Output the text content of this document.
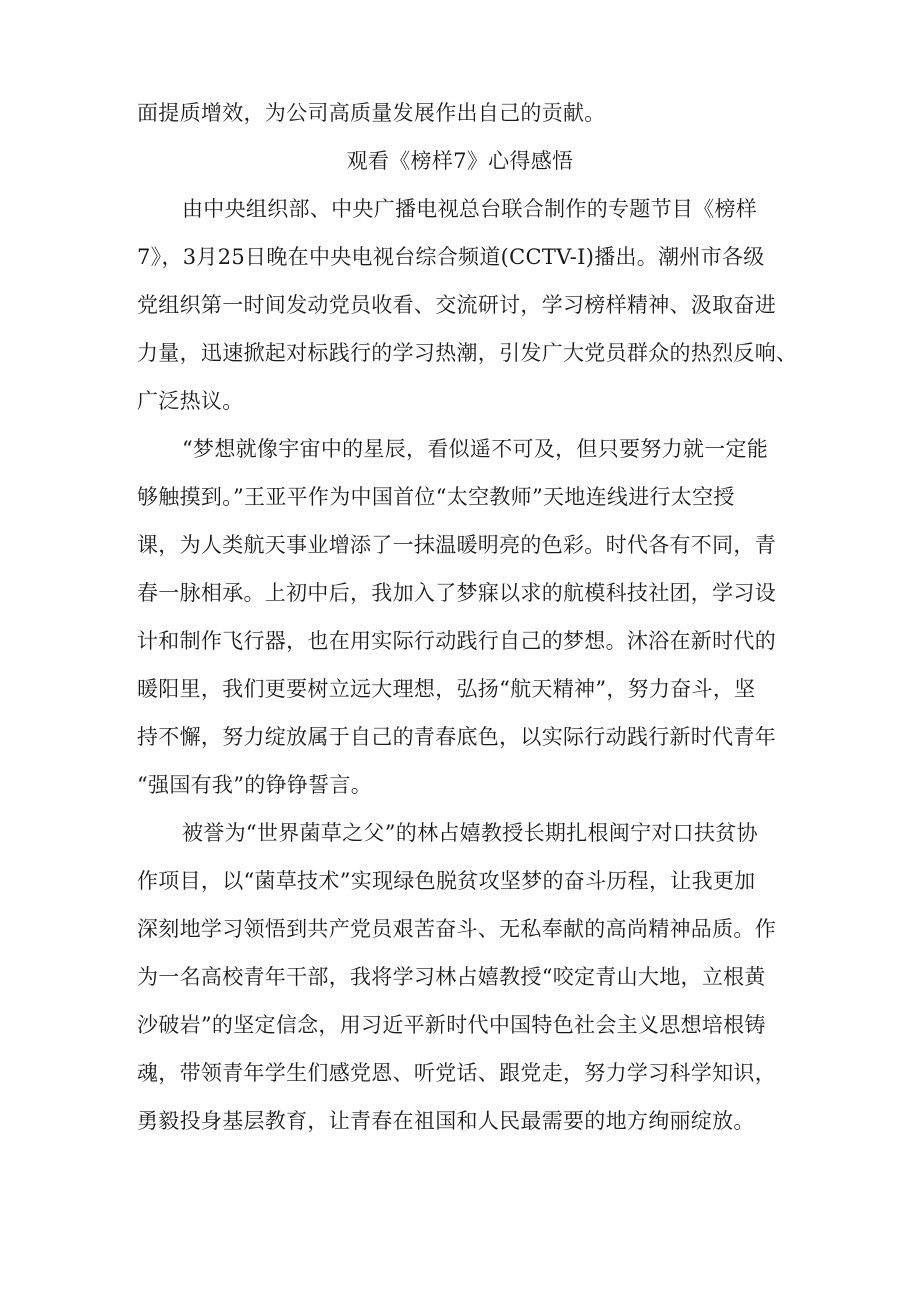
面提质增效，为公司高质量发展作出自己的贡献。
观看《榜样7》心得感悟
由中央组织部、中央广播电视总台联合制作的专题节目《榜样
7》，3月25日晚在中央电视台综合频道(CCTV-I)播出。潮州市各级
党组织第一时间发动党员收看、交流研讨，学习榜样精神、汲取奋进
力量，迅速掀起对标践行的学习热潮，引发广大党员群众的热烈反响、
广泛热议。
“梦想就像宇宙中的星辰，看似遥不可及，但只要努力就一定能
够触摸到。”王亚平作为中国首位“太空教师”天地连线进行太空授
课，为人类航天事业增添了一抹温暖明亮的色彩。时代各有不同，青
春一脉相承。上初中后，我加入了梦寐以求的航模科技社团，学习设
计和制作飞行器，也在用实际行动践行自己的梦想。沐浴在新时代的
暖阳里，我们更要树立远大理想，弘扬“航天精神”，努力奋斗，坚
持不懈，努力绽放属于自己的青春底色，以实际行动践行新时代青年
“强国有我”的铮铮誓言。
被誉为“世界菌草之父”的林占嬉教授长期扎根闽宁对口扶贫协
作项目，以“菌草技术”实现绿色脱贫攻坚梦的奋斗历程，让我更加
深刻地学习领悟到共产党员艰苦奋斗、无私奉献的高尚精神品质。作
为一名高校青年干部，我将学习林占嬉教授“咬定青山大地，立根黄
沙破岩”的坚定信念，用习近平新时代中国特色社会主义思想培根铸
魂，带领青年学生们感党恩、听党话、跟党走，努力学习科学知识，
勇毅投身基层教育，让青春在祖国和人民最需要的地方绚丽绽放。
